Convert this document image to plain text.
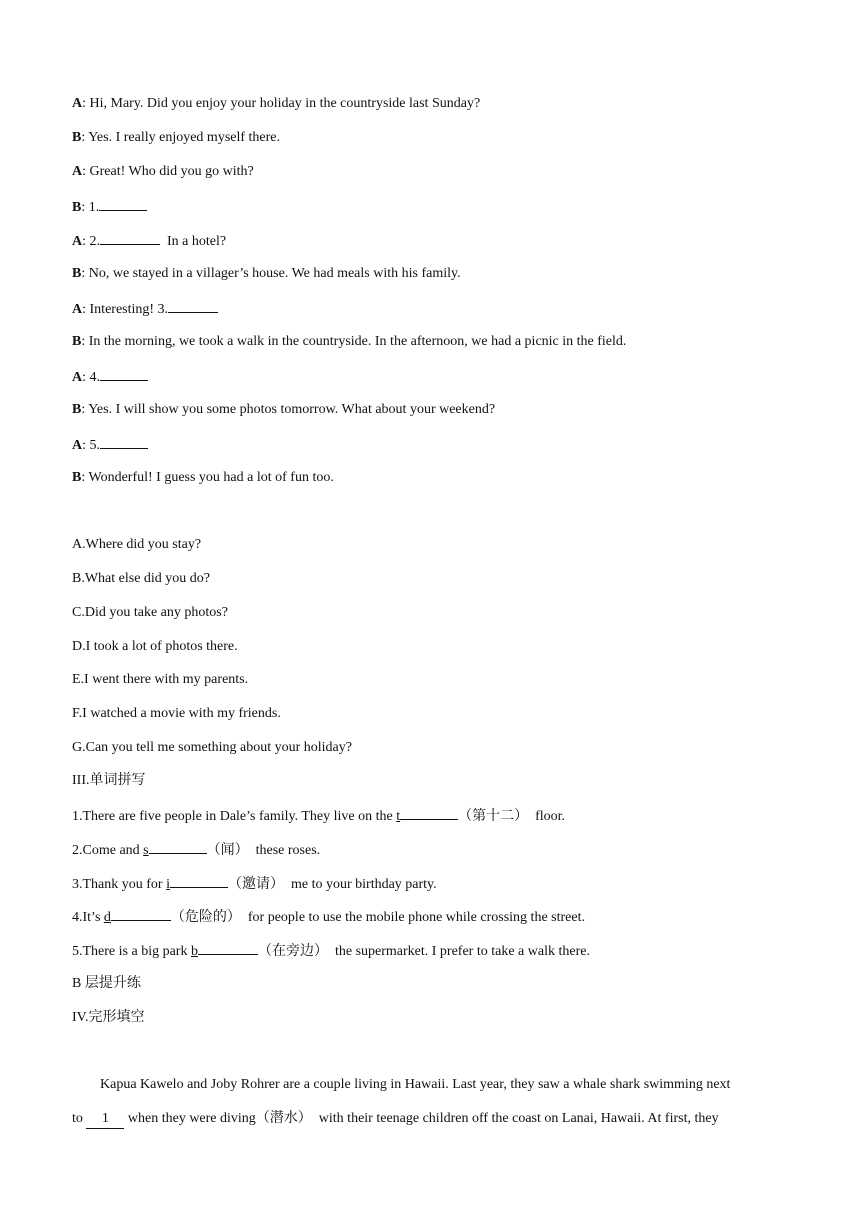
A: Hi, Mary. Did you enjoy your holiday in the countryside last Sunday?
B: Yes. I really enjoyed myself there.
A: Great! Who did you go with?
B: 1.
A: 2.	In a hotel?
B: No, we stayed in a villager’s house. We had meals with his family.
A: Interesting! 3.
B: In the morning, we took a walk in the countryside. In the afternoon, we had a picnic in the field.
A: 4.
B: Yes. I will show you some photos tomorrow. What about your weekend?
A: 5.
B: Wonderful! I guess you had a lot of fun too.
A.Where did you stay?
B.What else did you do?
C.Did you take any photos?
D.I took a lot of photos there.
E.I went there with my parents.
F.I watched a movie with my friends.
G.Can you tell me something about your holiday?
III.单词拼写
1.There are five people in Dale’s family. They live on the t	（第十二）  floor.
2.Come and s	（闻）  these roses.
3.Thank you for i	（邀请）  me to your birthday party.
4.It’s d	（危险的）  for people to use the mobile phone while crossing the street.
5.There is a big park b	（在旁边）  the supermarket. I prefer to take a walk there.
B 层提升练
IV.完形填空
Kapua Kawelo and Joby Rohrer are a couple living in Hawaii. Last year, they saw a whale shark swimming next
to 1 when they were diving（潜水）  with their teenage children off the coast on Lanai, Hawaii. At first, they
